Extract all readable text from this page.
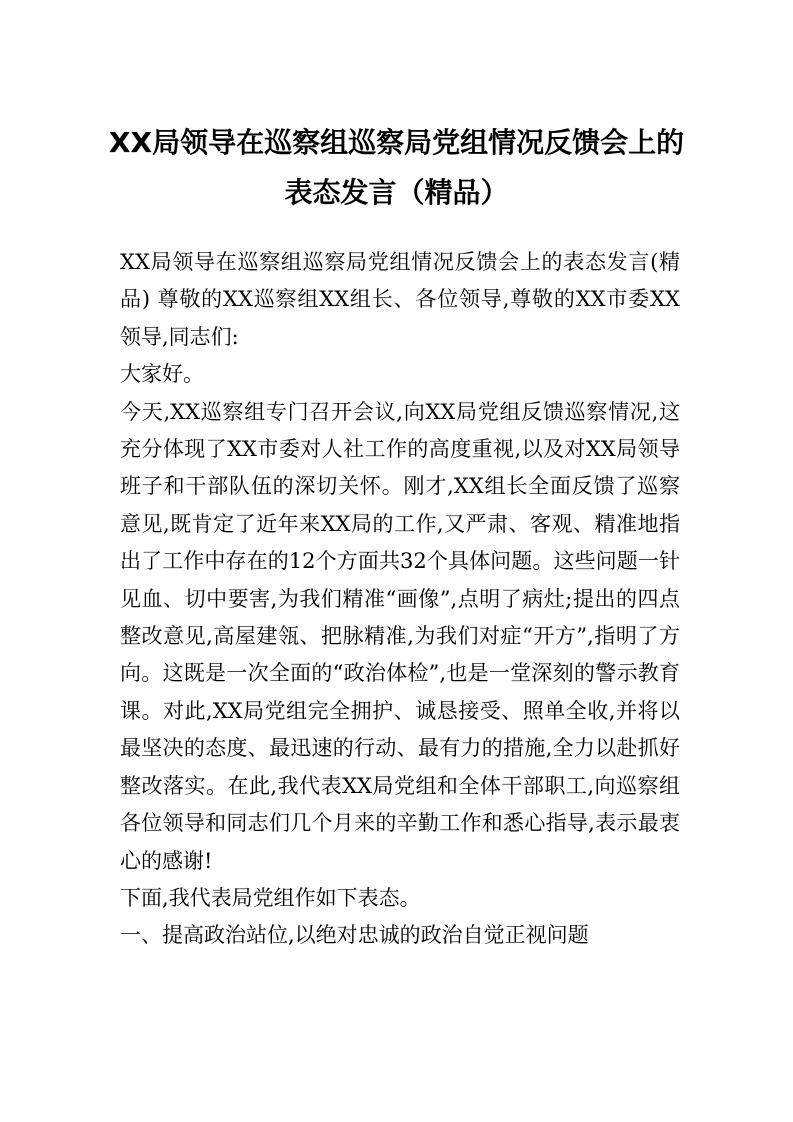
XX局领导在巡察组巡察局党组情况反馈会上的表态发言（精品）

XX局领导在巡察组巡察局党组情况反馈会上的表态发言(精品) 尊敬的XX巡察组XX组长、各位领导,尊敬的XX市委XX领导,同志们:

大家好。

今天,XX巡察组专门召开会议,向XX局党组反馈巡察情况,这充分体现了XX市委对人社工作的高度重视,以及对XX局领导班子和干部队伍的深切关怀。刚才,XX组长全面反馈了巡察意见,既肯定了近年来XX局的工作,又严肃、客观、精准地指出了工作中存在的12个方面共32个具体问题。这些问题一针见血、切中要害,为我们精准“画像”,点明了病灶;提出的四点整改意见,高屋建瓴、把脉精准,为我们对症“开方”,指明了方向。这既是一次全面的“政治体检”,也是一堂深刻的警示教育课。对此,XX局党组完全拥护、诚恳接受、照单全收,并将以最坚决的态度、最迅速的行动、最有力的措施,全力以赴抓好整改落实。在此,我代表XX局党组和全体干部职工,向巡察组各位领导和同志们几个月来的辛勤工作和悉心指导,表示最衷心的感谢!

下面,我代表局党组作如下表态。

一、提高政治站位,以绝对忠诚的政治自觉正视问题
